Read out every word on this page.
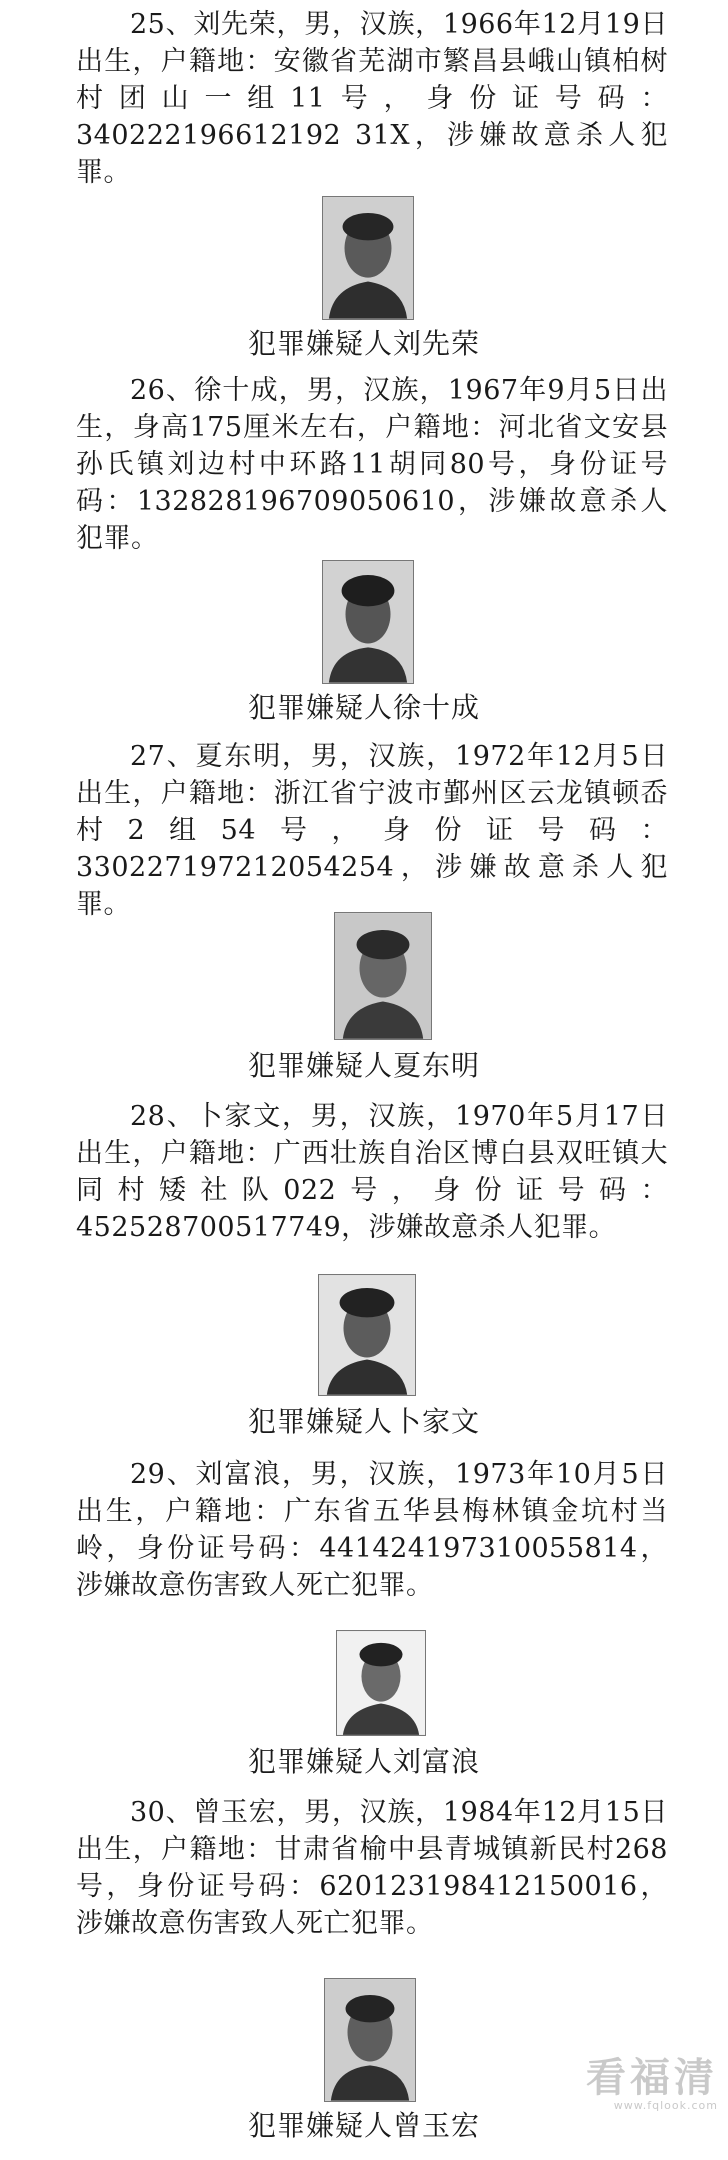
25、刘先荣，男，汉族，1966年12月19日出生，户籍地：安徽省芜湖市繁昌县峨山镇柏树村团山一组11号，身份证号码：340222196612192 31X，涉嫌故意杀人犯罪。

犯罪嫌疑人刘先荣

26、徐十成，男，汉族，1967年9月5日出生，身高175厘米左右，户籍地：河北省文安县孙氏镇刘边村中环路11胡同80号，身份证号码：132828196709050610，涉嫌故意杀人犯罪。

犯罪嫌疑人徐十成

27、夏东明，男，汉族，1972年12月5日出生，户籍地：浙江省宁波市鄞州区云龙镇顿岙村2组54号，身份证号码：330227197212054254，涉嫌故意杀人犯罪。

犯罪嫌疑人夏东明

28、卜家文，男，汉族，1970年5月17日出生，户籍地：广西壮族自治区博白县双旺镇大同村矮社队022号，身份证号码：452528700517749，涉嫌故意杀人犯罪。

犯罪嫌疑人卜家文

29、刘富浪，男，汉族，1973年10月5日出生，户籍地：广东省五华县梅林镇金坑村当岭，身份证号码：441424197310055814，涉嫌故意伤害致人死亡犯罪。

犯罪嫌疑人刘富浪

30、曾玉宏，男，汉族，1984年12月15日出生，户籍地：甘肃省榆中县青城镇新民村268号，身份证号码：620123198412150016，涉嫌故意伤害致人死亡犯罪。

犯罪嫌疑人曾玉宏
看福清
www.fqlook.com
